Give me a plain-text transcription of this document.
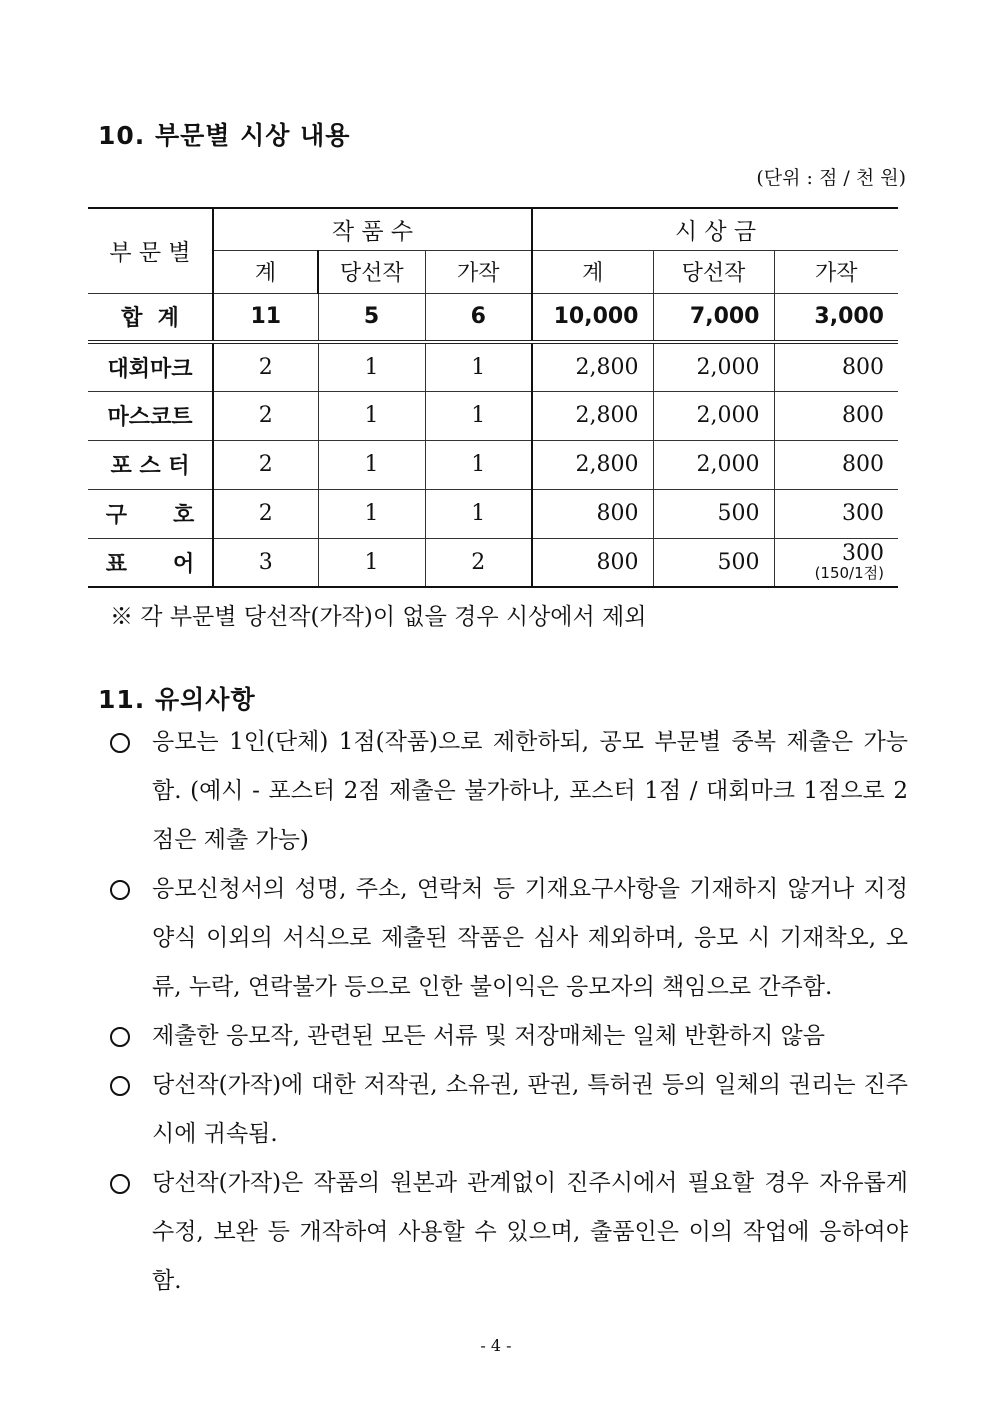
10. 부문별 시상 내용
(단위 : 점 / 천 원)
부 문 별	작 품 수			시 상 금		
	계	당선작	가작	계	당선작	가작
합  계	11	5	6	10,000	7,000	3,000
대회마크	2	1	1	2,800	2,000	800
마스코트	2	1	1	2,800	2,000	800
포 스 터	2	1	1	2,800	2,000	800
구      호	2	1	1	800	500	300
표      어	3	1	2	800	500	300
(150/1점)
※ 각 부문별 당선작(가작)이 없을 경우 시상에서 제외
11. 유의사항
응모는 1인(단체) 1점(작품)으로 제한하되, 공모 부문별 중복 제출은 가능함. (예시 - 포스터 2점 제출은 불가하나, 포스터 1점 / 대회마크 1점으로 2점은 제출 가능)
응모신청서의 성명, 주소, 연락처 등 기재요구사항을 기재하지 않거나 지정 양식 이외의 서식으로 제출된 작품은 심사 제외하며, 응모 시 기재착오, 오류, 누락, 연락불가 등으로 인한 불이익은 응모자의 책임으로 간주함.
제출한 응모작, 관련된 모든 서류 및 저장매체는 일체 반환하지 않음
당선작(가작)에 대한 저작권, 소유권, 판권, 특허권 등의 일체의 권리는 진주시에 귀속됨.
당선작(가작)은 작품의 원본과 관계없이 진주시에서 필요할 경우 자유롭게 수정, 보완 등 개작하여 사용할 수 있으며, 출품인은 이의 작업에 응하여야 함.
- 4 -
